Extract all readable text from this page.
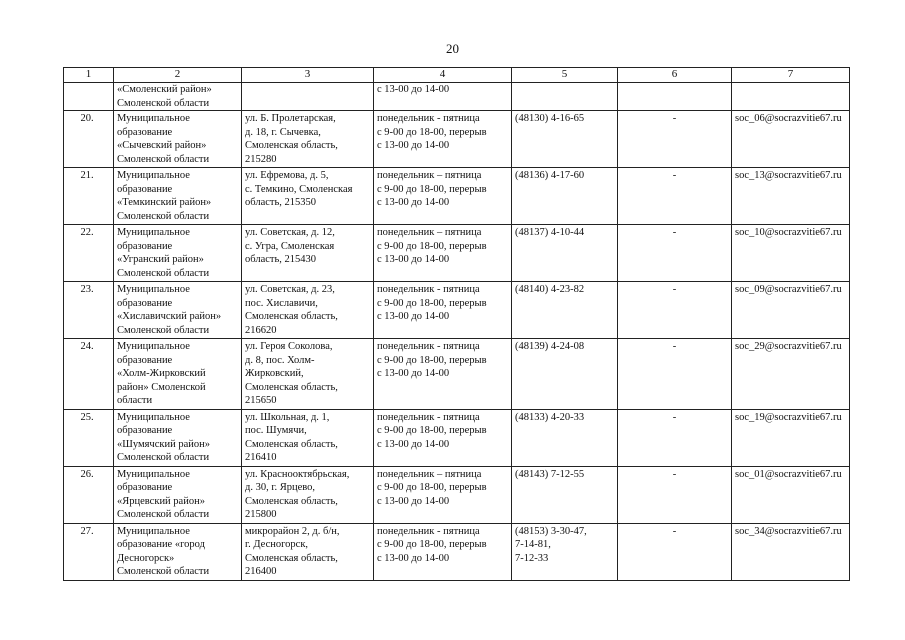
20
1	2	3	4	5	6	7

	«Смоленский район»
Смоленской области		с 13-00 до 14-00			

20.	Муниципальное
образование
«Сычевский район»
Смоленской области	ул. Б. Пролетарская,
д. 18, г. Сычевка,
Смоленская область,
215280	понедельник - пятница
с 9-00 до 18-00, перерыв
с 13-00 до 14-00	(48130) 4-16-65	-	soc_06@socrazvitie67.ru
21.	Муниципальное
образование
«Темкинский район»
Смоленской области	ул. Ефремова, д. 5,
с. Темкино, Смоленская
область, 215350	понедельник – пятница
с 9-00 до 18-00, перерыв
с 13-00 до 14-00	(48136) 4-17-60	-	soc_13@socrazvitie67.ru
22.	Муниципальное
образование
«Угранский район»
Смоленской области	ул. Советская, д. 12,
с. Угра, Смоленская
область, 215430	понедельник – пятница
с 9-00 до 18-00, перерыв
с 13-00 до 14-00	(48137) 4-10-44	-	soc_10@socrazvitie67.ru
23.	Муниципальное
образование
«Хиславичский район»
Смоленской области	ул. Советская, д. 23,
пос. Хиславичи,
Смоленская область,
216620	понедельник - пятница
с 9-00 до 18-00, перерыв
с 13-00 до 14-00	(48140) 4-23-82	-	soc_09@socrazvitie67.ru
24.	Муниципальное
образование
«Холм-Жирковский
район» Смоленской
области	ул. Героя Соколова,
д. 8, пос. Холм-
Жирковский,
Смоленская область,
215650	понедельник - пятница
с 9-00 до 18-00, перерыв
с 13-00 до 14-00	(48139) 4-24-08	-	soc_29@socrazvitie67.ru
25.	Муниципальное
образование
«Шумячский район»
Смоленской области	ул. Школьная, д. 1,
пос. Шумячи,
Смоленская область,
216410	понедельник - пятница
с 9-00 до 18-00, перерыв
с 13-00 до 14-00	(48133) 4-20-33	-	soc_19@socrazvitie67.ru
26.	Муниципальное
образование
«Ярцевский район»
Смоленской области	ул. Краснооктябрьская,
д. 30, г. Ярцево,
Смоленская область,
215800	понедельник – пятница
с 9-00 до 18-00, перерыв
с 13-00 до 14-00	(48143) 7-12-55	-	soc_01@socrazvitie67.ru
27.	Муниципальное
образование «город
Десногорск»
Смоленской области	микрорайон 2, д. б/н,
г. Десногорск,
Смоленская область,
216400	понедельник - пятница
с 9-00 до 18-00, перерыв
с 13-00 до 14-00	(48153) 3-30-47,
7-14-81,
7-12-33	-	soc_34@socrazvitie67.ru
